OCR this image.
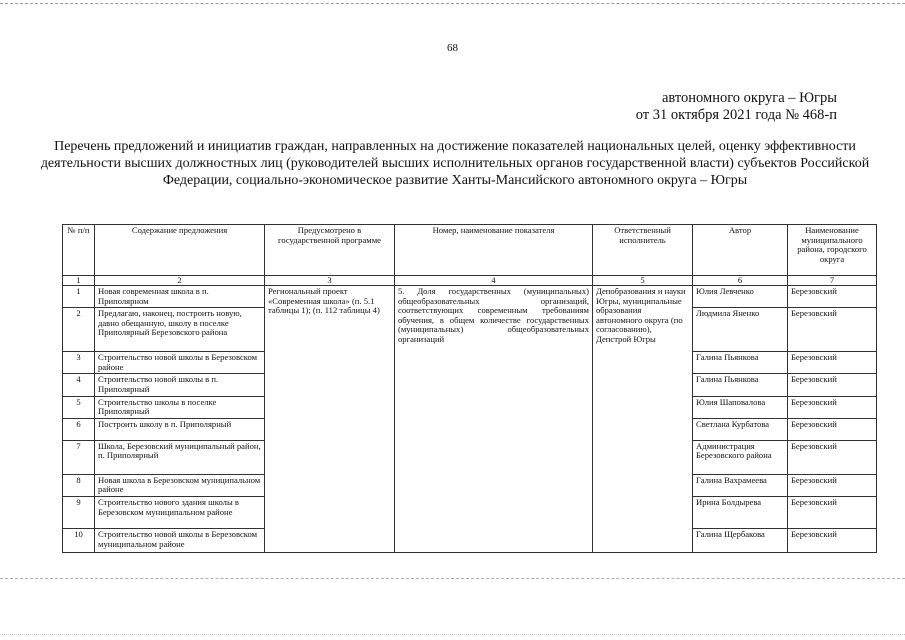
68
автономного округа – Югры
от 31 октября 2021 года № 468-п
Перечень предложений и инициатив граждан, направленных на достижение показателей национальных целей, оценку эффективности деятельности высших должностных лиц (руководителей высших исполнительных органов государственной власти) субъектов Российской Федерации, социально-экономическое развитие Ханты-Мансийского автономного округа – Югры
№ п/п	Содержание предложения	Предусмотрено в государственной программе	Номер, наименование показателя	Ответственный исполнитель	Автор	Наименование муниципального района, городского округа
1	2	3	4	5	6	7
1	Новая современная школа в п. Приполярном	Региональный проект «Современная школа» (п. 5.1 таблицы 1); (п. 112 таблицы 4)	5. Доля государственных (муниципальных) общеобразовательных организаций, соответствующих современным требованиям обучения, в общем количестве государственных (муниципальных) общеобразовательных организаций	Депобразования и науки Югры, муниципальные образования автономного округа (по согласованию), Депстрой Югры	Юлия Левченко	Березовский
2	Предлагаю, наконец, построить новую, давно обещанную, школу в поселке Приполярный Березовского района				Людмила Яненко	Березовский
3	Строительство новой школы в Березовском районе				Галина Пьянкова	Березовский
4	Строительство новой школы в п. Приполярный				Галина Пьянкова	Березовский
5	Строительство школы в поселке Приполярный				Юлия Шаповалова	Березовский
6	Построить школу в п. Приполярный				Светлана Курбатова	Березовский
7	Школа, Березовский муниципальный район, п. Приполярный				Администрация Березовского района	Березовский
8	Новая школа в Березовском муниципальном районе				Галина Вахрамеева	Березовский
9	Строительство нового здания школы в Березовском муниципальном районе				Ирина Болдырева	Березовский
10	Строительство новой школы в Березовском муниципальном районе				Галина Щербакова	Березовский
